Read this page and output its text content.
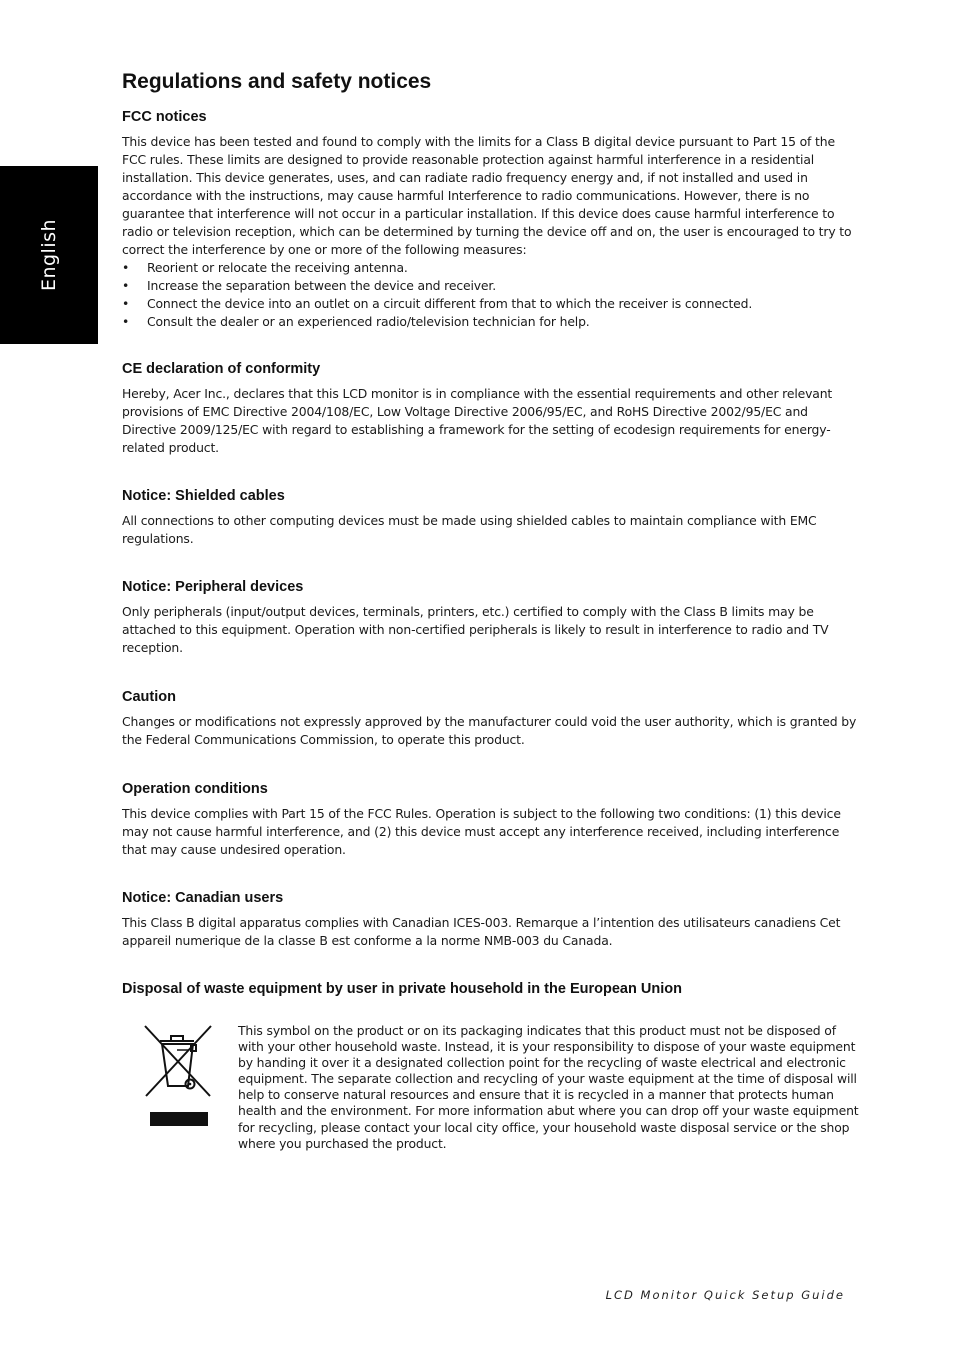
English
Regulations and safety notices
FCC notices

This device has been tested and found to comply with the limits for a Class B digital device pursuant to Part 15 of the FCC rules. These limits are designed to provide reasonable protection against harmful interference in a residential installation. This device generates, uses, and can radiate radio frequency energy and, if not installed and used in accordance with the instructions, may cause harmful Interference to radio communications. However, there is no guarantee that interference will not occur in a particular installation. If this device does cause harmful interference to radio or television reception, which can be determined by turning the device off and on, the user is encouraged to try to correct the interference by one or more of the following measures:

• Reorient or relocate the receiving antenna.
• Increase the separation between the device and receiver.
• Connect the device into an outlet on a circuit different from that to which the receiver is connected.
• Consult the dealer or an experienced radio/television technician for help.
CE declaration of conformity

Hereby, Acer Inc., declares that this LCD monitor is in compliance with the essential requirements and other relevant provisions of EMC Directive 2004/108/EC, Low Voltage Directive 2006/95/EC, and RoHS Directive 2002/95/EC and Directive 2009/125/EC with regard to establishing a framework for the setting of ecodesign requirements for energy-related product.

Notice: Shielded cables

All connections to other computing devices must be made using shielded cables to maintain compliance with EMC regulations.

Notice: Peripheral devices

Only peripherals (input/output devices, terminals, printers, etc.) certified to comply with the Class B limits may be attached to this equipment. Operation with non-certified peripherals is likely to result in interference to radio and TV reception.

Caution

Changes or modifications not expressly approved by the manufacturer could void the user authority, which is granted by the Federal Communications Commission, to operate this product.

Operation conditions

This device complies with Part 15 of the FCC Rules. Operation is subject to the following two conditions: (1) this device may not cause harmful interference, and (2) this device must accept any interference received, including interference that may cause undesired operation.

Notice: Canadian users

This Class B digital apparatus complies with Canadian ICES-003. Remarque a l’intention des utilisateurs canadiens Cet appareil numerique de la classe B est conforme a la norme NMB-003 du Canada.

Disposal of waste equipment by user in private household in the European Union

This symbol on the product or on its packaging indicates that this product must not be disposed of with your other household waste. Instead, it is your responsibility to dispose of your waste equipment by handing it over it a designated collection point for the recycling of waste electrical and electronic equipment. The separate collection and recycling of your waste equipment at the time of disposal will help to conserve natural resources and ensure that it is recycled in a manner that protects human health and the environment. For more information abut where you can drop off your waste equipment for recycling, please contact your local city office, your household waste disposal service or the shop where you purchased the product.

LCD Monitor Quick Setup Guide
